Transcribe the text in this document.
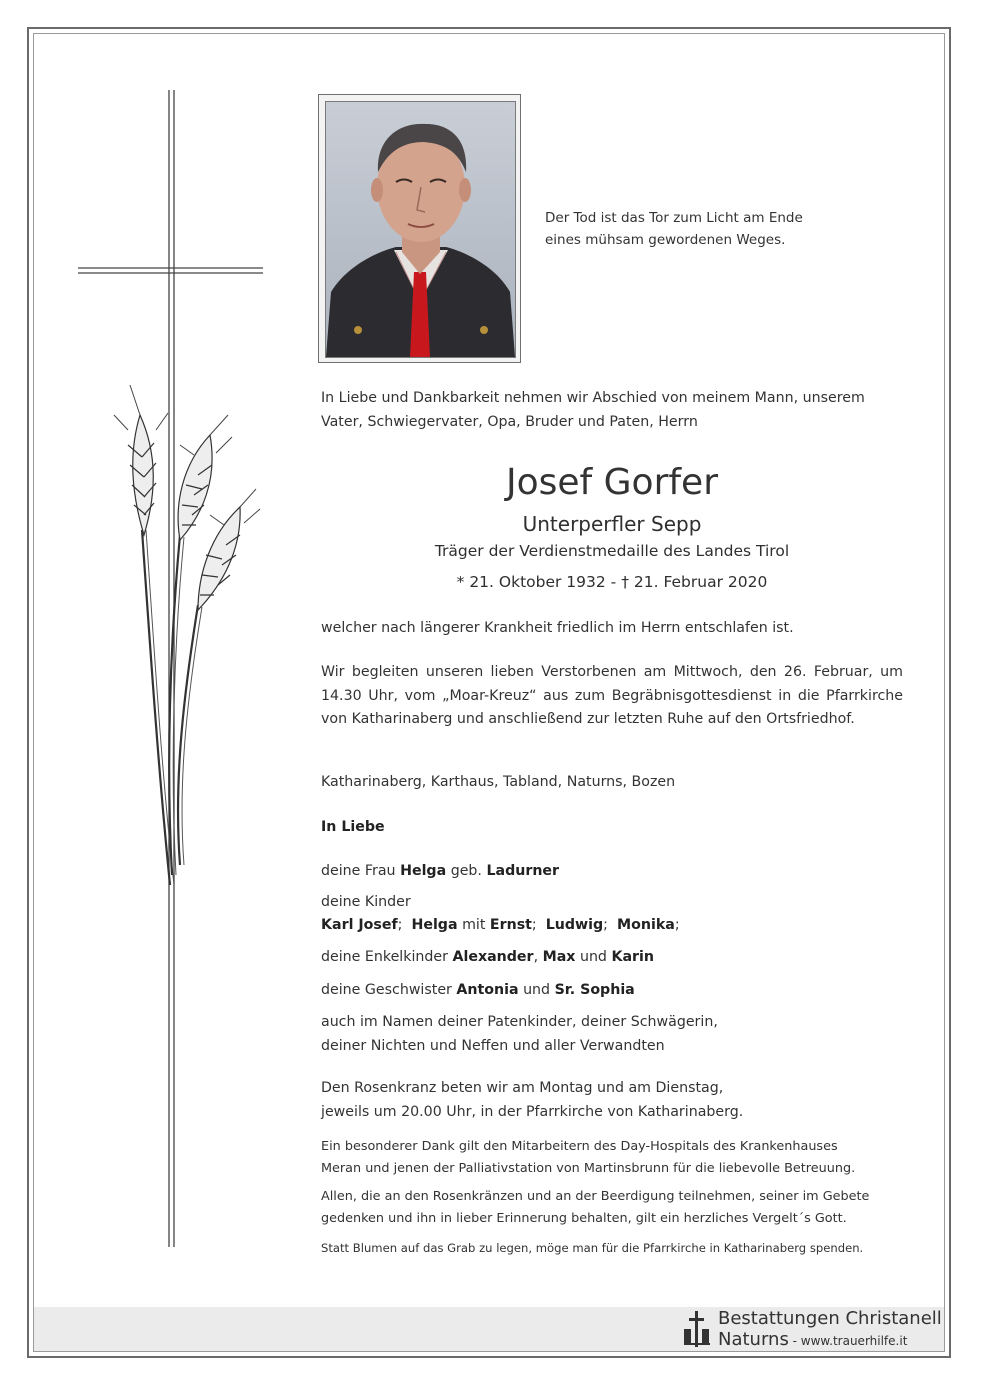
Der Tod ist das Tor zum Licht am Ende
eines mühsam gewordenen Weges.
In Liebe und Dankbarkeit nehmen wir Abschied von meinem Mann, unserem
Vater, Schwiegervater, Opa, Bruder und Paten, Herrn
Josef Gorfer
Unterperfler Sepp
Träger der Verdienstmedaille des Landes Tirol
* 21. Oktober 1932 - † 21. Februar 2020
welcher nach längerer Krankheit friedlich im Herrn entschlafen ist.
Wir begleiten unseren lieben Verstorbenen am Mittwoch, den 26. Februar, um 14.30 Uhr, vom „Moar-Kreuz“ aus zum Begräbnisgottesdienst in die Pfarrkirche von Katharinaberg und anschließend zur letzten Ruhe auf den Ortsfriedhof.
Katharinaberg, Karthaus, Tabland, Naturns, Bozen
In Liebe
deine Frau Helga geb. Ladurner
deine Kinder
Karl Josef; Helga mit Ernst; Ludwig; Monika;
deine Enkelkinder Alexander, Max und Karin
deine Geschwister Antonia und Sr. Sophia
auch im Namen deiner Patenkinder, deiner Schwägerin,
deiner Nichten und Neffen und aller Verwandten
Den Rosenkranz beten wir am Montag und am Dienstag,
jeweils um 20.00 Uhr, in der Pfarrkirche von Katharinaberg.
Ein besonderer Dank gilt den Mitarbeitern des Day-Hospitals des Krankenhauses
Meran und jenen der Palliativstation von Martinsbrunn für die liebevolle Betreuung.
Allen, die an den Rosenkränzen und an der Beerdigung teilnehmen, seiner im Gebete
gedenken und ihn in lieber Erinnerung behalten, gilt ein herzliches Vergelt´s Gott.
Statt Blumen auf das Grab zu legen, möge man für die Pfarrkirche in Katharinaberg spenden.
Bestattungen Christanell
Naturns - www.trauerhilfe.it
